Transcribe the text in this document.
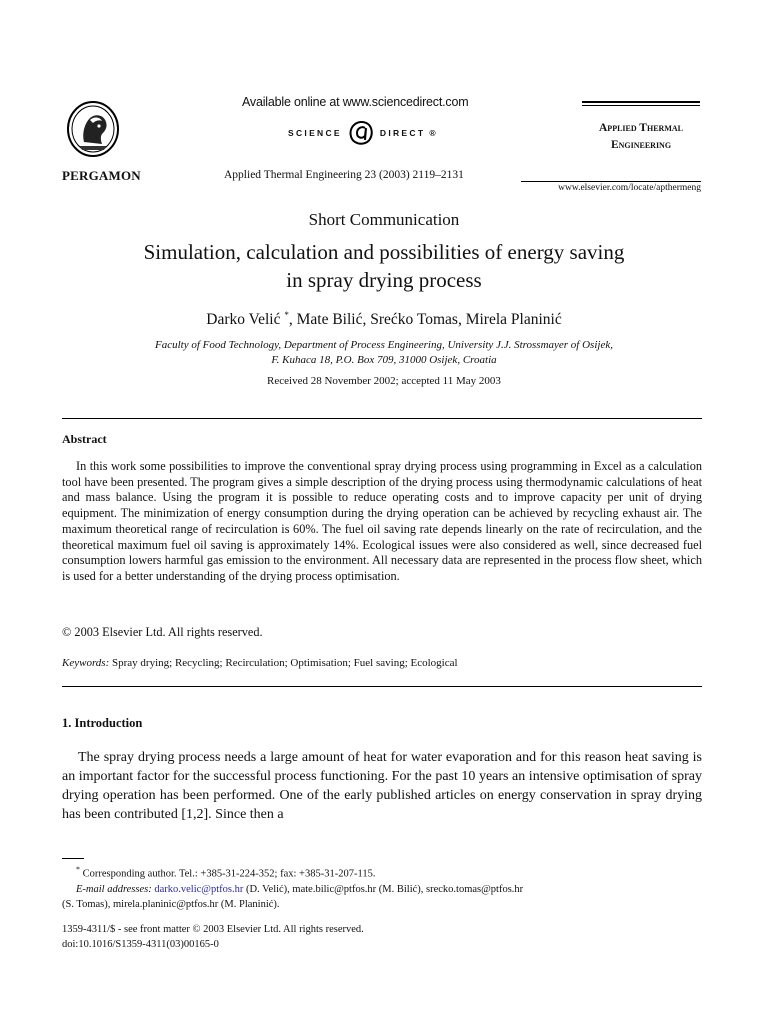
PERGAMON
Available online at www.sciencedirect.com
SCIENCE	DIRECT ®
Applied Thermal Engineering 23 (2003) 2119–2131
Applied Thermal
Engineering
www.elsevier.com/locate/apthermeng
Short Communication
Simulation, calculation and possibilities of energy saving
in spray drying process
Darko Velić *, Mate Bilić, Srećko Tomas, Mirela Planinić
Faculty of Food Technology, Department of Process Engineering, University J.J. Strossmayer of Osijek,
F. Kuhaca 18, P.O. Box 709, 31000 Osijek, Croatia
Received 28 November 2002; accepted 11 May 2003
Abstract

In this work some possibilities to improve the conventional spray drying process using programming in Excel as a calculation tool have been presented. The program gives a simple description of the drying process using thermodynamic calculations of heat and mass balance. Using the program it is possible to reduce operating costs and to improve capacity per unit of drying equipment. The minimization of energy consumption during the drying operation can be achieved by recycling exhaust air. The maximum theoretical range of recirculation is 60%. The fuel oil saving rate depends linearly on the rate of recirculation, and the theoretical maximum fuel oil saving is approximately 14%. Ecological issues were also considered as well, since decreased fuel consumption lowers harmful gas emission to the environment. All necessary data are represented in the process flow sheet, which is used for a better understanding of the drying process optimisation.

© 2003 Elsevier Ltd. All rights reserved.
Keywords: Spray drying; Recycling; Recirculation; Optimisation; Fuel saving; Ecological
1. Introduction

The spray drying process needs a large amount of heat for water evaporation and for this reason heat saving is an important factor for the successful process functioning. For the past 10 years an intensive optimisation of spray drying operation has been performed. One of the early published articles on energy conservation in spray drying has been contributed [1,2]. Since then a

* Corresponding author. Tel.: +385-31-224-352; fax: +385-31-207-115.

E-mail addresses: darko.velic@ptfos.hr (D. Velić), mate.bilic@ptfos.hr (M. Bilić), srecko.tomas@ptfos.hr

(S. Tomas), mirela.planinic@ptfos.hr (M. Planinić).

1359-4311/$ - see front matter © 2003 Elsevier Ltd. All rights reserved.
doi:10.1016/S1359-4311(03)00165-0
